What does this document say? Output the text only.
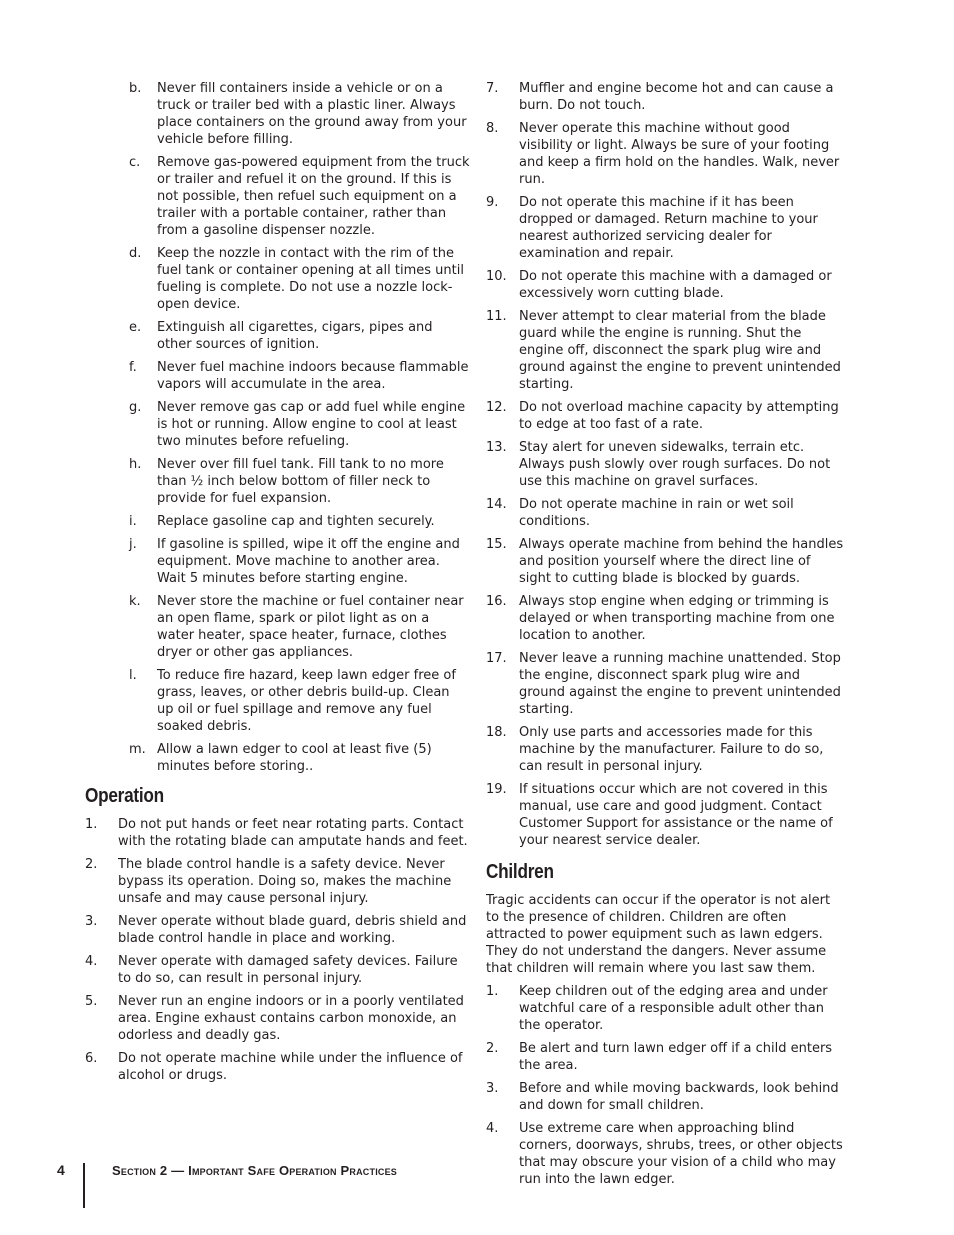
b.	Never fill containers inside a vehicle or on a truck or trailer bed with a plastic liner. Always place containers on the ground away from your vehicle before filling.
c.	Remove gas-powered equipment from the truck or trailer and refuel it on the ground. If this is not possible, then refuel such equipment on a trailer with a portable container, rather than from a gasoline dispenser nozzle.
d.	Keep the nozzle in contact with the rim of the fuel tank or container opening at all times until fueling is complete. Do not use a nozzle lock-open device.
e.	Extinguish all cigarettes, cigars, pipes and other sources of ignition.
f.	Never fuel machine indoors because flammable vapors will accumulate in the area.
g.	Never remove gas cap or add fuel while engine is hot or running. Allow engine to cool at least two minutes before refueling.
h.	Never over fill fuel tank. Fill tank to no more than ½ inch below bottom of filler neck to provide for fuel expansion.
i.	Replace gasoline cap and tighten securely.
j.	If gasoline is spilled, wipe it off the engine and equipment. Move machine to another area. Wait 5 minutes before starting engine.
k.	Never store the machine or fuel container near an open flame, spark or pilot light as on a water heater, space heater, furnace, clothes dryer or other gas appliances.
l.	To reduce fire hazard, keep lawn edger free of grass, leaves, or other debris build-up. Clean up oil or fuel spillage and remove any fuel soaked debris.
m. Allow a lawn edger to cool at least five (5) minutes before storing..
Operation
1.	Do not put hands or feet near rotating parts. Contact with the rotating blade can amputate hands and feet.
2.	The blade control handle is a safety device. Never bypass its operation. Doing so, makes the machine unsafe and may cause personal injury.
3.	Never operate without blade guard, debris shield and blade control handle in place and working.
4.	Never operate with damaged safety devices. Failure to do so, can result in personal injury.
5.	Never run an engine indoors or in a poorly ventilated area. Engine exhaust contains carbon monoxide, an odorless and deadly gas.
6.	Do not operate machine while under the influence of alcohol or drugs.
7.	Muffler and engine become hot and can cause a burn. Do not touch.
8.	Never operate this machine without good visibility or light. Always be sure of your footing and keep a firm hold on the handles. Walk, never run.
9.	Do not operate this machine if it has been dropped or damaged. Return machine to your nearest authorized servicing dealer for examination and repair.
10. Do not operate this machine with a damaged or excessively worn cutting blade.
11. Never attempt to clear material from the blade guard while the engine is running. Shut the engine off, disconnect the spark plug wire and ground against the engine to prevent unintended starting.
12. Do not overload machine capacity by attempting to edge at too fast of a rate.
13. Stay alert for uneven sidewalks, terrain etc. Always push slowly over rough surfaces. Do not use this machine on gravel surfaces.
14. Do not operate machine in rain or wet soil conditions.
15. Always operate machine from behind the handles and position yourself where the direct line of sight to cutting blade is blocked by guards.
16. Always stop engine when edging or trimming is delayed or when transporting machine from one location to another.
17. Never leave a running machine unattended. Stop the engine, disconnect spark plug wire and ground against the engine to prevent unintended starting.
18. Only use parts and accessories made for this machine by the manufacturer. Failure to do so, can result in personal injury.
19. If situations occur which are not covered in this manual, use care and good judgment. Contact Customer Support for assistance or the name of your nearest service dealer.
Children

Tragic accidents can occur if the operator is not alert to the presence of children. Children are often attracted to power equipment such as lawn edgers. They do not understand the dangers. Never assume that children will remain where you last saw them.

1.	Keep children out of the edging area and under watchful care of a responsible adult other than the operator.
2.	Be alert and turn lawn edger off if a child enters the area.
3.	Before and while moving backwards, look behind and down for small children.
4.	Use extreme care when approaching blind corners, doorways, shrubs, trees, or other objects that may obscure your vision of a child who may run into the lawn edger.
4	Section 2 — Important Safe Operation Practices
